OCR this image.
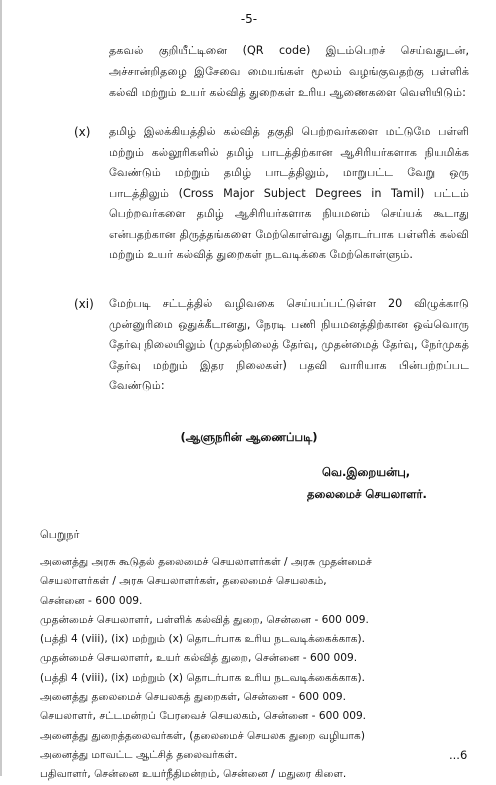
-5-
தகவல் குறியீட்டினை (QR code) இடம்பெறச் செய்வதுடன், அச்சான்றிதழை இசேவை மையங்கள் மூலம் வழங்குவதற்கு பள்ளிக் கல்வி மற்றும் உயர் கல்வித் துறைகள் உரிய ஆணைகளை வெளியிடும்:
(x) தமிழ் இலக்கியத்தில் கல்வித் தகுதி பெற்றவர்களை மட்டுமே பள்ளி மற்றும் கல்லூரிகளில் தமிழ் பாடத்திற்கான ஆசிரியர்களாக நியமிக்க வேண்டும் மற்றும் தமிழ் பாடத்திலும், மாறுபட்ட வேறு ஒரு பாடத்திலும் (Cross Major Subject Degrees in Tamil) பட்டம் பெற்றவர்களை தமிழ் ஆசிரியர்களாக நியமனம் செய்யக் கூடாது என்பதற்கான திருத்தங்களை மேற்கொள்வது தொடர்பாக பள்ளிக் கல்வி மற்றும் உயர் கல்வித் துறைகள் நடவடிக்கை மேற்கொள்ளும்.
(xi) மேற்படி சட்டத்தில் வழிவகை செய்யப்பட்டுள்ள 20 விழுக்காடு முன்னுரிமை ஒதுக்கீடானது, நேரடி பணி நியமனத்திற்கான ஒவ்வொரு தேர்வு நிலையிலும் (முதல்நிலைத் தேர்வு, முதன்மைத் தேர்வு, நேர்முகத் தேர்வு மற்றும் இதர நிலைகள்) பதவி வாரியாக பின்பற்றப்பட வேண்டும்:
(ஆளுநரின் ஆணைப்படி)
வெ.இறையன்பு,
தலைமைச் செயலாளர்.
பெறுநர்
அனைத்து அரசு கூடுதல் தலைமைச் செயலாளர்கள் / அரசு முதன்மைச்
செயலாளர்கள் / அரசு செயலாளர்கள், தலைமைச் செயலகம்,
சென்னை - 600 009.
முதன்மைச் செயலாளர், பள்ளிக் கல்வித் துறை, சென்னை - 600 009.
(பத்தி 4 (viii), (ix) மற்றும் (x) தொடர்பாக உரிய நடவடிக்கைக்காக).
முதன்மைச் செயலாளர், உயர் கல்வித் துறை, சென்னை - 600 009.
(பத்தி 4 (viii), (ix) மற்றும் (x) தொடர்பாக உரிய நடவடிக்கைக்காக).
அனைத்து தலைமைச் செயலகத் துறைகள், சென்னை - 600 009.
செயலாளர், சட்டமன்றப் பேரவைச் செயலகம், சென்னை - 600 009.
அனைத்து துறைத்தலைவர்கள், (தலைமைச் செயலக துறை வழியாக)
அனைத்து மாவட்ட ஆட்சித் தலைவர்கள்.
பதிவாளர், சென்னை உயர்நீதிமன்றம், சென்னை / மதுரை கிளை.
...6
